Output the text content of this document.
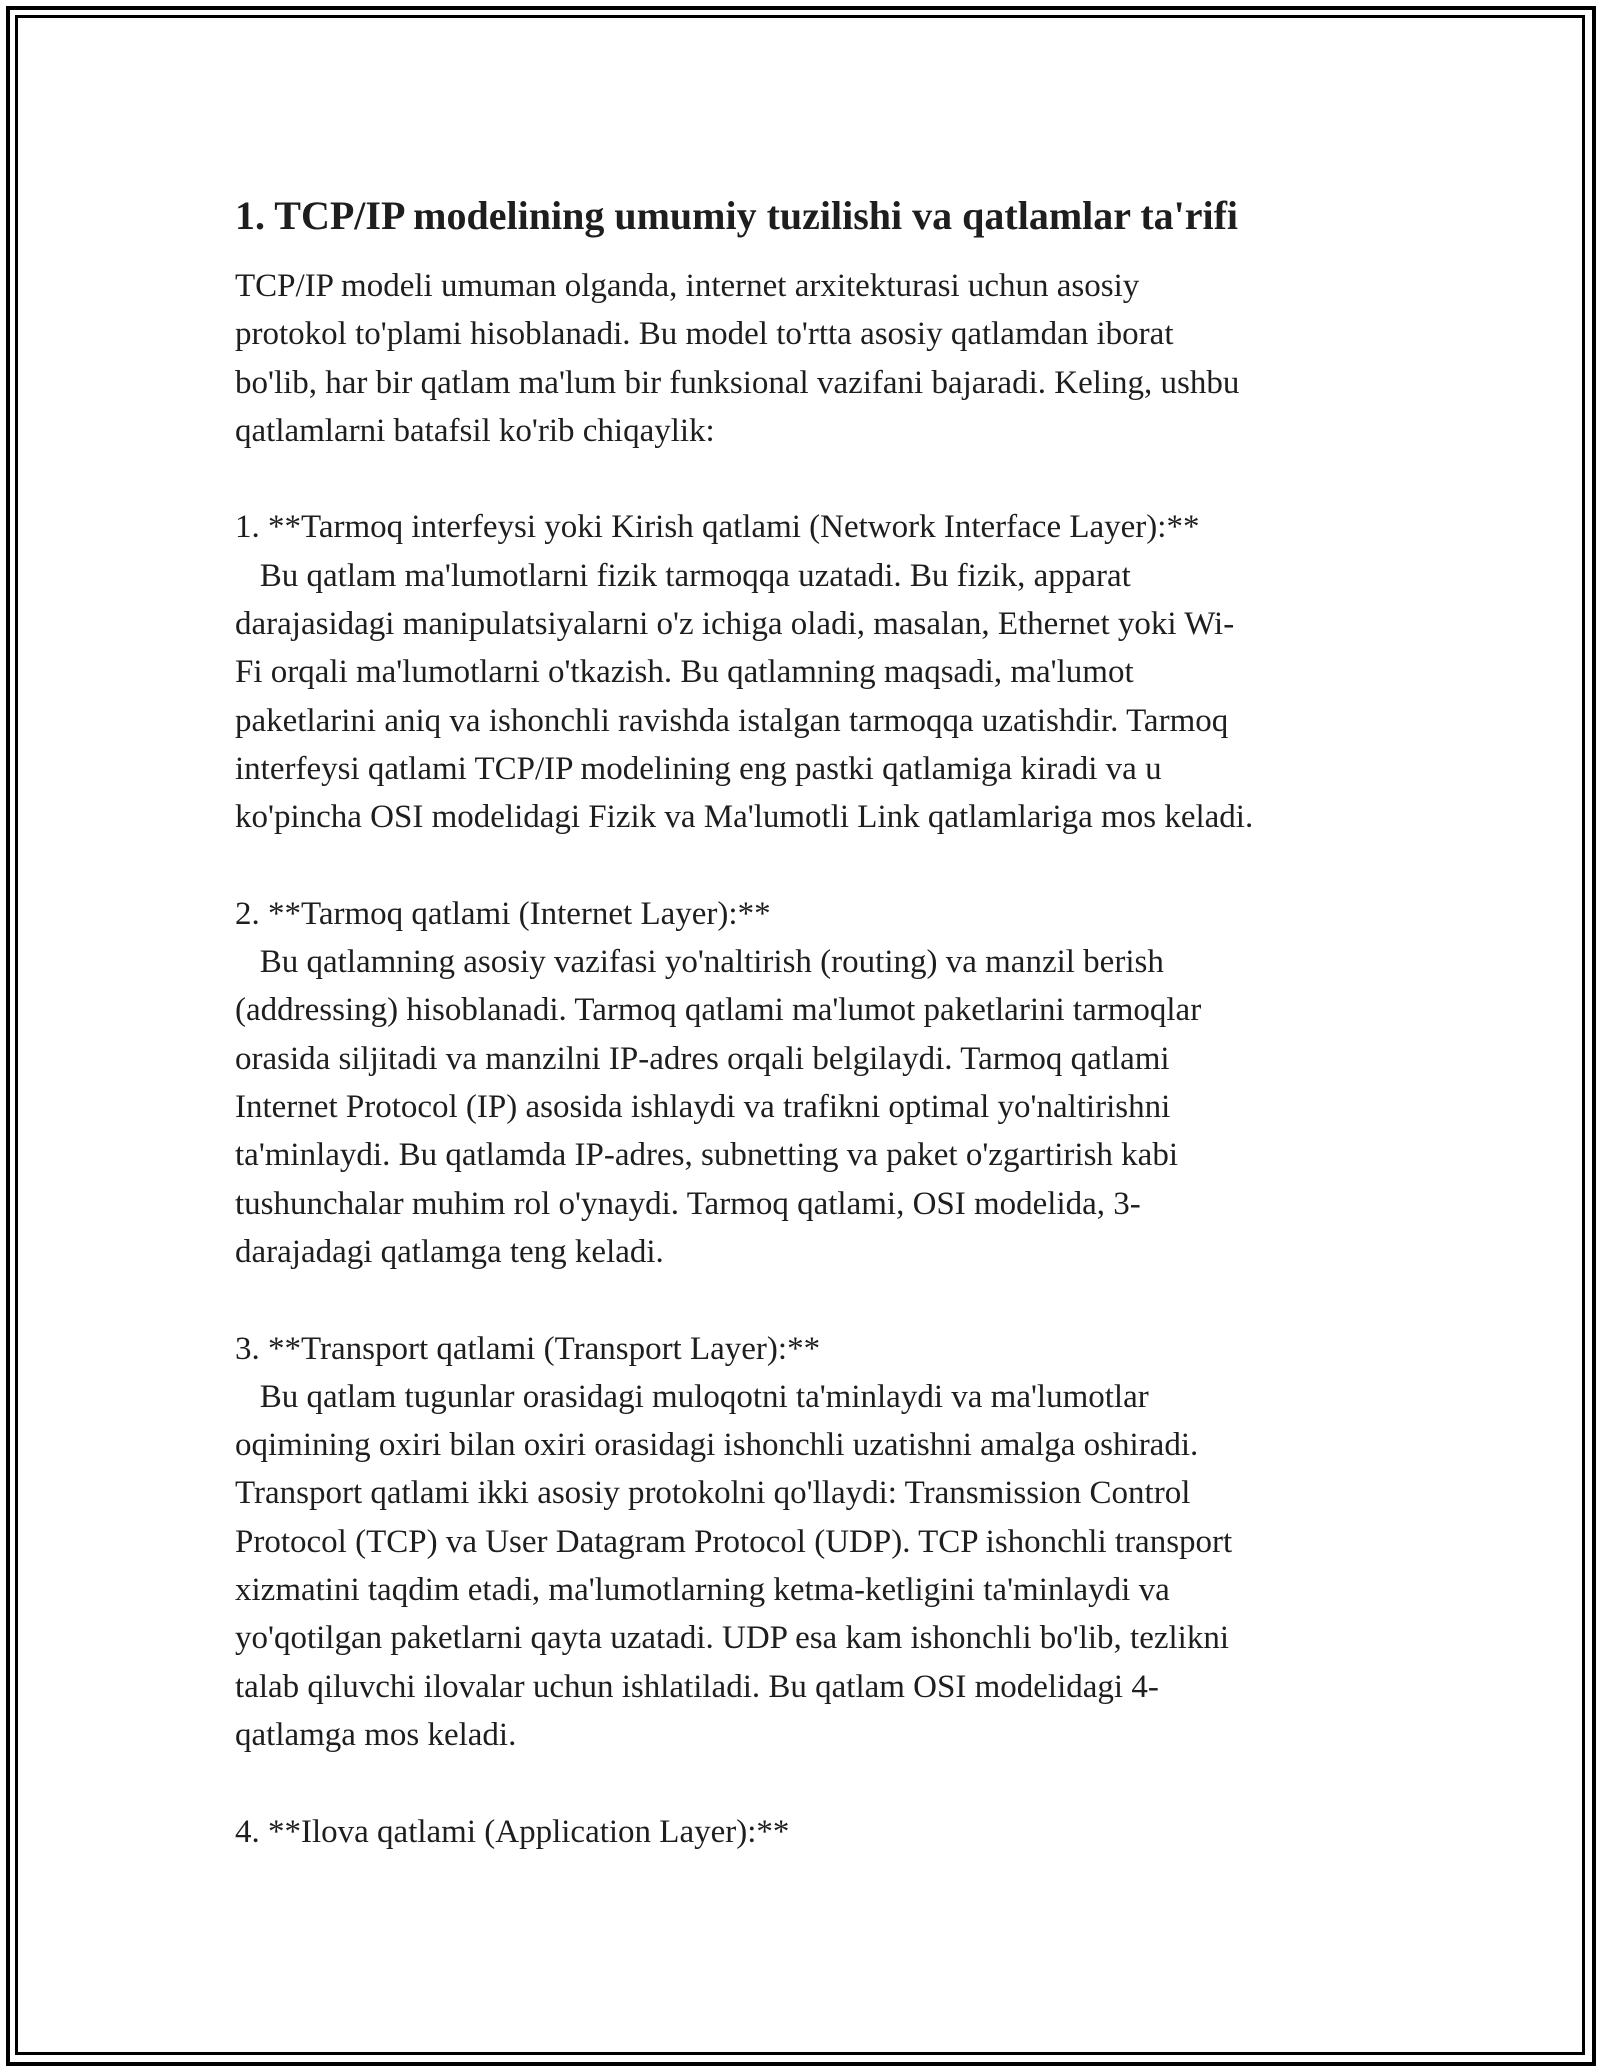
1. TCP/IP modelining umumiy tuzilishi va qatlamlar ta'rifi

TCP/IP modeli umuman olganda, internet arxitekturasi uchun asosiy
protokol to'plami hisoblanadi. Bu model to'rtta asosiy qatlamdan iborat
bo'lib, har bir qatlam ma'lum bir funksional vazifani bajaradi. Keling, ushbu
qatlamlarni batafsil ko'rib chiqaylik:

1. **Tarmoq interfeysi yoki Kirish qatlami (Network Interface Layer):**
Bu qatlam ma'lumotlarni fizik tarmoqqa uzatadi. Bu fizik, apparat
darajasidagi manipulatsiyalarni o'z ichiga oladi, masalan, Ethernet yoki Wi-
Fi orqali ma'lumotlarni o'tkazish. Bu qatlamning maqsadi, ma'lumot
paketlarini aniq va ishonchli ravishda istalgan tarmoqqa uzatishdir. Tarmoq
interfeysi qatlami TCP/IP modelining eng pastki qatlamiga kiradi va u
ko'pincha OSI modelidagi Fizik va Ma'lumotli Link qatlamlariga mos keladi.

2. **Tarmoq qatlami (Internet Layer):**
Bu qatlamning asosiy vazifasi yo'naltirish (routing) va manzil berish
(addressing) hisoblanadi. Tarmoq qatlami ma'lumot paketlarini tarmoqlar
orasida siljitadi va manzilni IP-adres orqali belgilaydi. Tarmoq qatlami
Internet Protocol (IP) asosida ishlaydi va trafikni optimal yo'naltirishni
ta'minlaydi. Bu qatlamda IP-adres, subnetting va paket o'zgartirish kabi
tushunchalar muhim rol o'ynaydi. Tarmoq qatlami, OSI modelida, 3-
darajadagi qatlamga teng keladi.

3. **Transport qatlami (Transport Layer):**
Bu qatlam tugunlar orasidagi muloqotni ta'minlaydi va ma'lumotlar
oqimining oxiri bilan oxiri orasidagi ishonchli uzatishni amalga oshiradi.
Transport qatlami ikki asosiy protokolni qo'llaydi: Transmission Control
Protocol (TCP) va User Datagram Protocol (UDP). TCP ishonchli transport
xizmatini taqdim etadi, ma'lumotlarning ketma-ketligini ta'minlaydi va
yo'qotilgan paketlarni qayta uzatadi. UDP esa kam ishonchli bo'lib, tezlikni
talab qiluvchi ilovalar uchun ishlatiladi. Bu qatlam OSI modelidagi 4-
qatlamga mos keladi.

4. **Ilova qatlami (Application Layer):**
